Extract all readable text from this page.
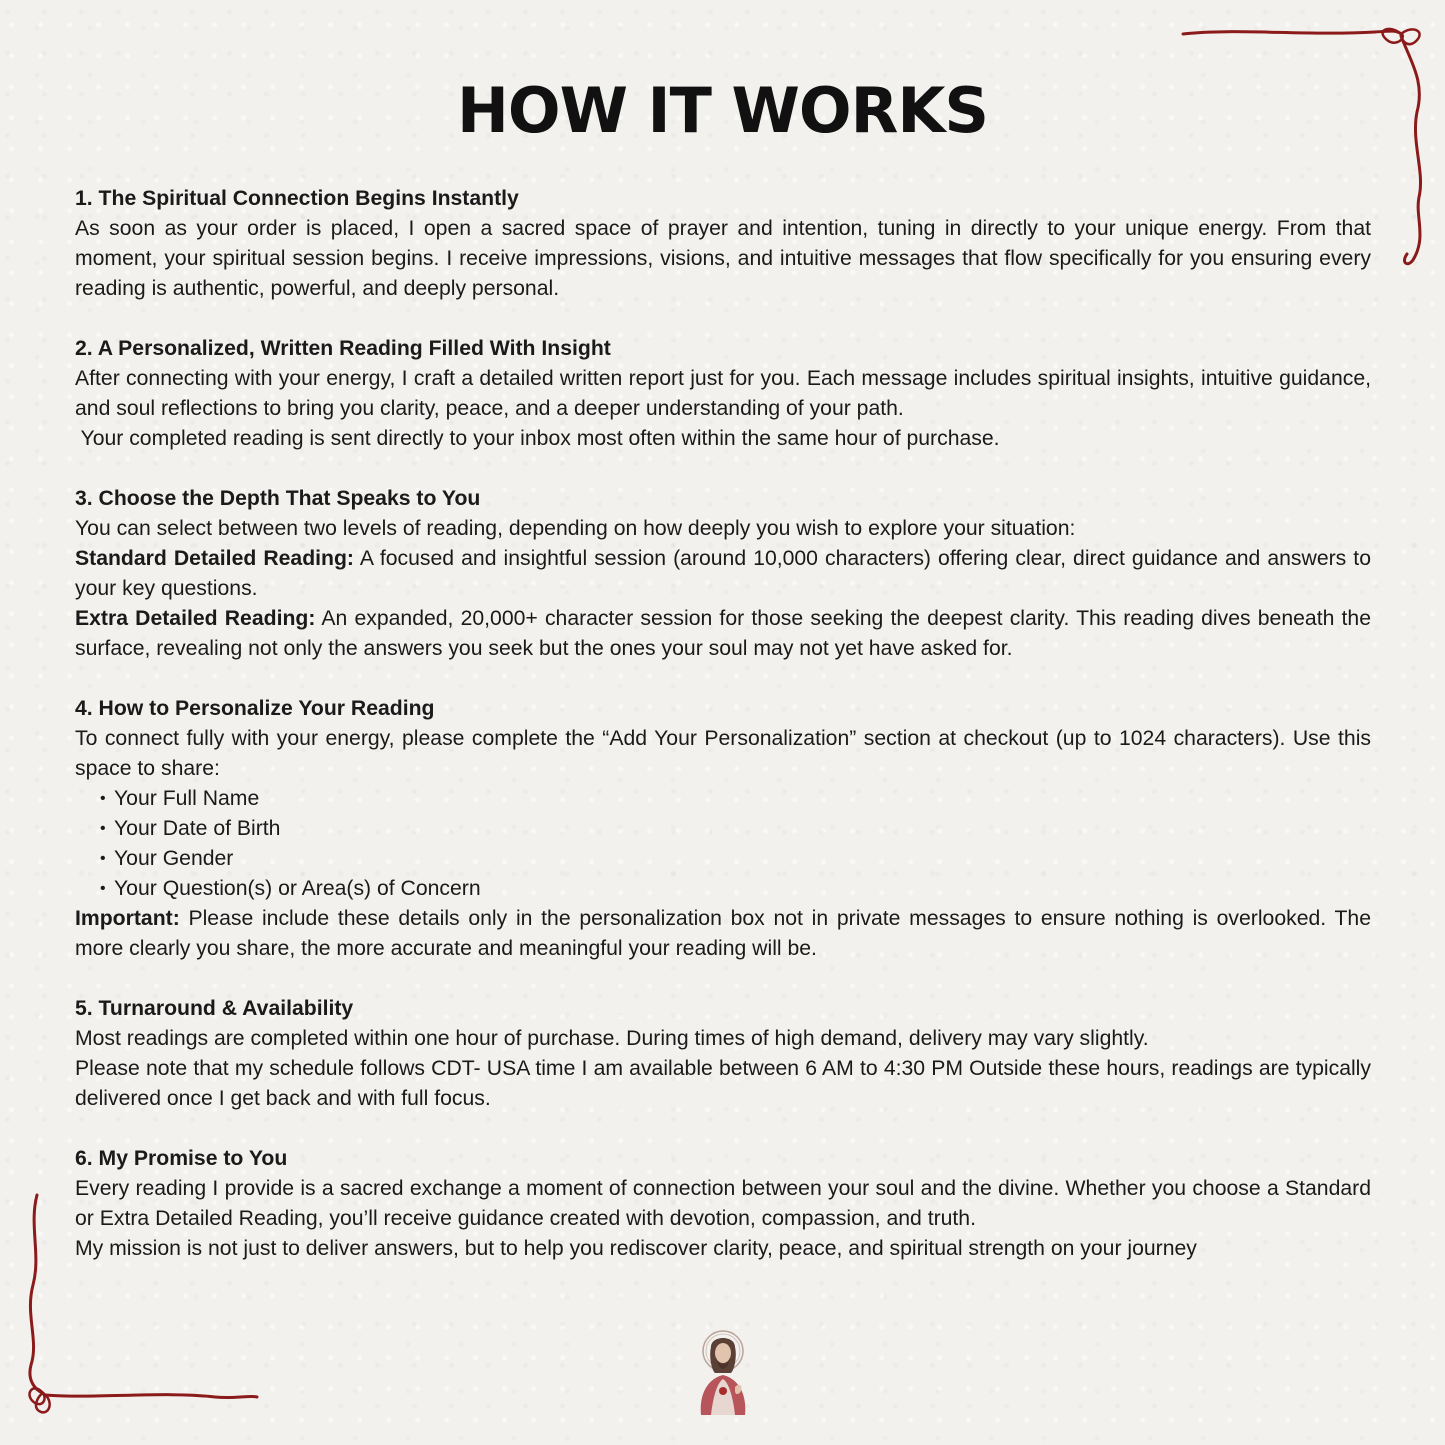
HOW IT WORKS
1. The Spiritual Connection Begins Instantly

As soon as your order is placed, I open a sacred space of prayer and intention, tuning in directly to your unique energy. From that moment, your spiritual session begins. I receive impressions, visions, and intuitive messages that flow specifically for you ensuring every reading is authentic, powerful, and deeply personal.

2. A Personalized, Written Reading Filled With Insight

After connecting with your energy, I craft a detailed written report just for you. Each message includes spiritual insights, intuitive guidance, and soul reflections to bring you clarity, peace, and a deeper understanding of your path.

Your completed reading is sent directly to your inbox most often within the same hour of purchase.

3. Choose the Depth That Speaks to You

You can select between two levels of reading, depending on how deeply you wish to explore your situation:

Standard Detailed Reading: A focused and insightful session (around 10,000 characters) offering clear, direct guidance and answers to your key questions.

Extra Detailed Reading: An expanded, 20,000+ character session for those seeking the deepest clarity. This reading dives beneath the surface, revealing not only the answers you seek but the ones your soul may not yet have asked for.

4. How to Personalize Your Reading

To connect fully with your energy, please complete the “Add Your Personalization” section at checkout (up to 1024 characters). Use this space to share:

• Your Full Name
• Your Date of Birth
• Your Gender
• Your Question(s) or Area(s) of Concern

Important: Please include these details only in the personalization box not in private messages to ensure nothing is overlooked. The more clearly you share, the more accurate and meaningful your reading will be.

5. Turnaround & Availability

Most readings are completed within one hour of purchase. During times of high demand, delivery may vary slightly.

Please note that my schedule follows CDT- USA time I am available between 6 AM to 4:30 PM Outside these hours, readings are typically delivered once I get back and with full focus.

6. My Promise to You

Every reading I provide is a sacred exchange a moment of connection between your soul and the divine. Whether you choose a Standard or Extra Detailed Reading, you’ll receive guidance created with devotion, compassion, and truth.

My mission is not just to deliver answers, but to help you rediscover clarity, peace, and spiritual strength on your journey
